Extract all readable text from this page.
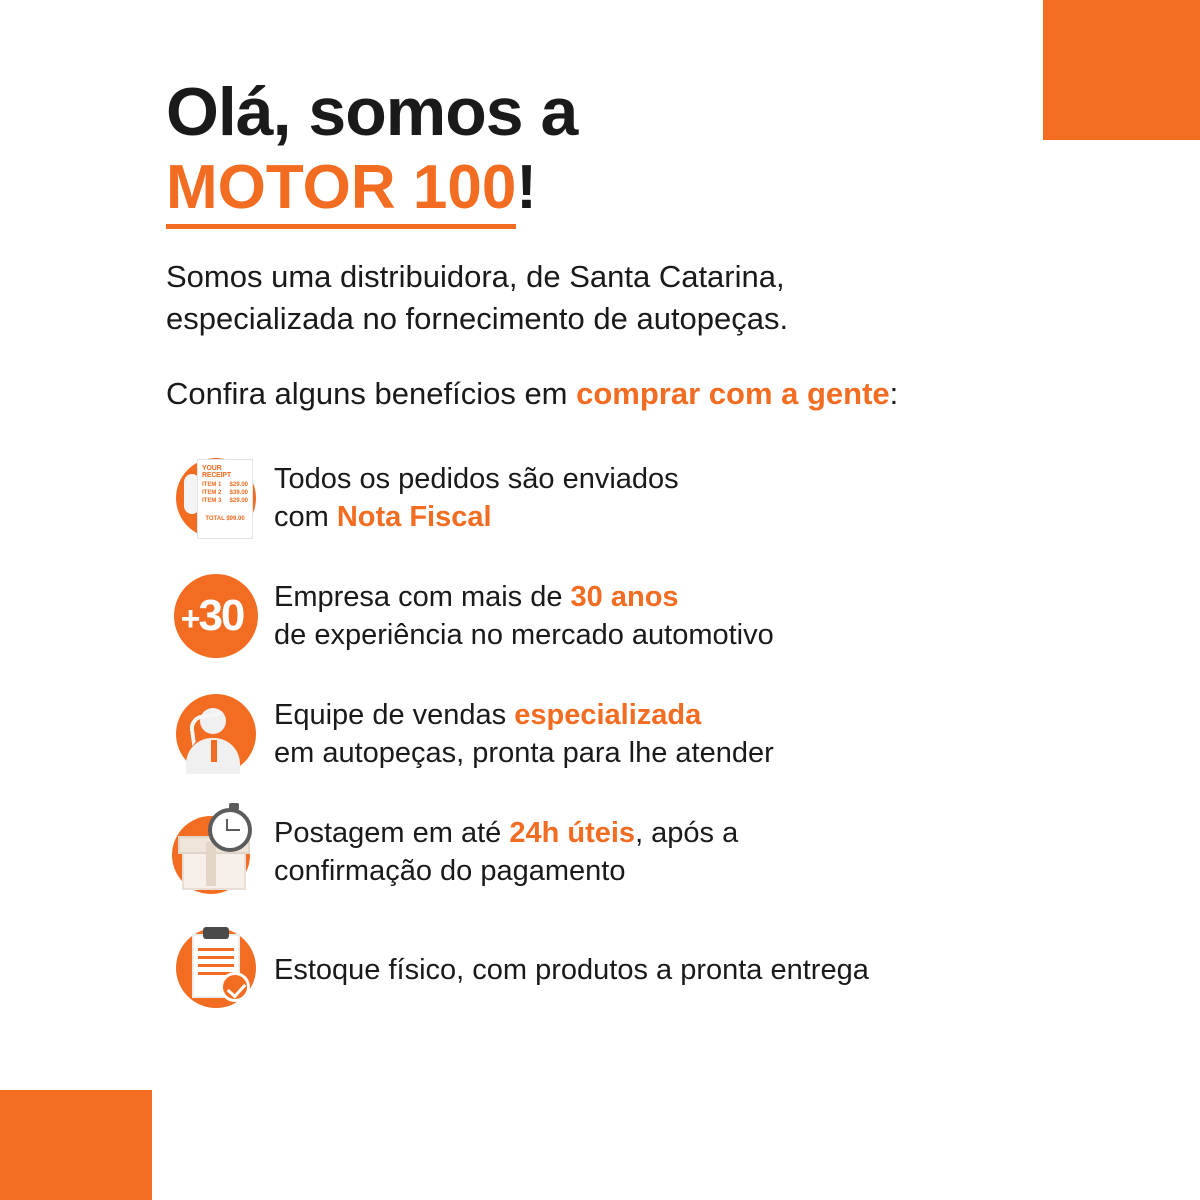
Olá, somos a
MOTOR 100!
Somos uma distribuidora, de Santa Catarina,
especializada no fornecimento de autopeças.
Confira alguns benefícios em comprar com a gente:
YOUR RECEIPT
ITEM 1 $29.00
ITEM 2 $39.00
ITEM 3 $29.00
TOTAL $99.00
Todos os pedidos são enviados
com Nota Fiscal
+30 Empresa com mais de 30 anos
de experiência no mercado automotivo
Equipe de vendas especializada
em autopeças, pronta para lhe atender
Postagem em até 24h úteis, após a
confirmação do pagamento
Estoque físico, com produtos a pronta entrega
